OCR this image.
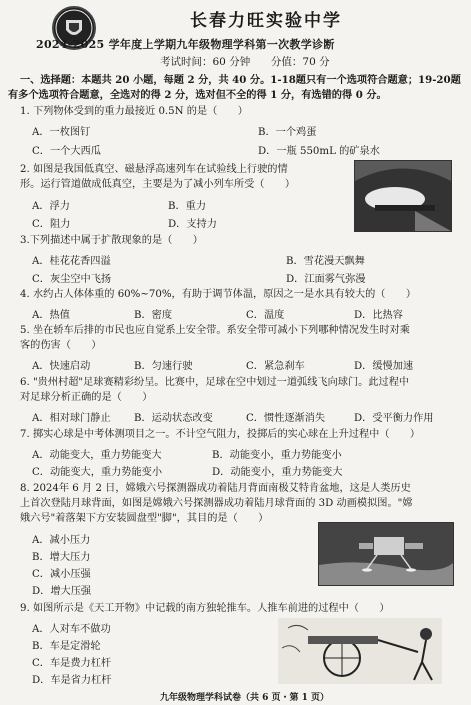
长春力旺实验中学
2024-2025 学年度上学期九年级物理学科第一次教学诊断
考试时间：60 分钟 分值：70 分
一、选择题：本题共 20 小题，每题 2 分，共 40 分。1-18题只有一个选项符合题意；19-20题
有多个选项符合题意，全选对的得 2 分，选对但不全的得 1 分，有选错的得 0 分。
1. 下列物体受到的重力最接近 0.5N 的是（　　）
A．一枚图钉	B．一个鸡蛋
C．一个大西瓜	D．一瓶 550mL 的矿泉水
2. 如图是我国低真空、磁悬浮高速列车在试验线上行驶的情
形。运行管道做成低真空，主要是为了减小列车所受（　　）
A．浮力	B．重力
C．阻力	D．支持力
3.下列描述中属于扩散现象的是（　　）
A．桂花花香四溢	B．雪花漫天飘舞
C．灰尘空中飞扬	D．江面雾气弥漫
4. 水约占人体体重的 60%~70%，有助于调节体温，原因之一是水具有较大的（　　）
A．热值	B．密度	C．温度	D．比热容
5. 坐在轿车后排的市民也应自觉系上安全带。系安全带可减小下列哪种情况发生时对乘
客的伤害（　　）
A．快速启动	B．匀速行驶	C．紧急刹车	D．缓慢加速
6. "贵州村超"足球赛精彩纷呈。比赛中，足球在空中划过一道弧线飞向球门。此过程中
对足球分析正确的是（　　）
A．相对球门静止 B．运动状态改变	C．惯性逐渐消失	D．受平衡力作用
7. 掷实心球是中考体测项目之一。不计空气阻力，投掷后的实心球在上升过程中（　　）
A．动能变大，重力势能变大	B．动能变小，重力势能变小
C．动能变大，重力势能变小	D．动能变小，重力势能变大
8. 2024年 6 月 2 日，嫦娥六号探测器成功着陆月背面南极艾特肯盆地，这是人类历史
上首次登陆月球背面，如图是嫦娥六号探测器成功着陆月球背面的 3D 动画模拟图。"嫦
娥六号"着落架下方安装圆盘型"脚"，其目的是（　　）
A．减小压力
B．增大压力
C．减小压强
D．增大压强
9. 如图所示是《天工开物》中记载的南方独轮推车。人推车前进的过程中（　　）
A．人对车不做功
B．车是定滑轮
C．车是费力杠杆
D．车是省力杠杆
九年级物理学科试卷（共 6 页・第 1 页）
